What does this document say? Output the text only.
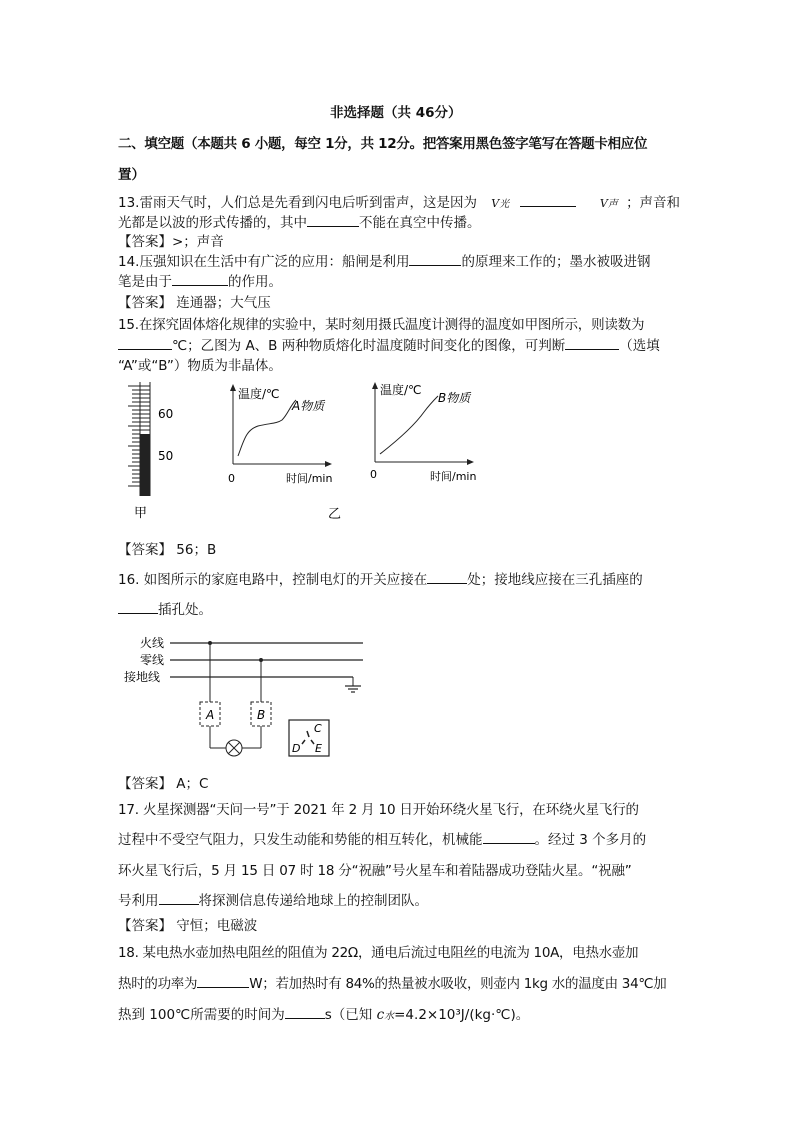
非选择题（共 46分）
二、填空题（本题共 6 小题，每空 1分，共 12分。把答案用黑色签字笔写在答题卡相应位
置）
13.雷雨天气时，人们总是先看到闪电后听到雷声，这是因为 V光	V声 ；声音和
光都是以波的形式传播的，其中	不能在真空中传播。
【答案】>；声音
14.压强知识在生活中有广泛的应用：船闸是利用	的原理来工作的；墨水被吸进钢
笔是由于	的作用。
【答案】 连通器；大气压
15.在探究固体熔化规律的实验中，某时刻用摄氏温度计测得的温度如甲图所示，则读数为
℃；乙图为 A、B 两种物质熔化时温度随时间变化的图像，可判断	（选填
“A”或“B”）物质为非晶体。
60
50
甲
温度/℃
A物质
0	时间/min
乙
温度/℃
B物质
0	时间/min
【答案】 56；B
16. 如图所示的家庭电路中，控制电灯的开关应接在	处；接地线应接在三孔插座的
插孔处。
火线
零线
接地线
A	B
C
D E
【答案】 A；C
17. 火星探测器“天问一号”于 2021 年 2 月 10 日开始环绕火星飞行，在环绕火星飞行的
过程中不受空气阻力，只发生动能和势能的相互转化，机械能	。经过 3 个多月的
环火星飞行后，5 月 15 日 07 时 18 分“祝融”号火星车和着陆器成功登陆火星。“祝融”
号利用	将探测信息传递给地球上的控制团队。
【答案】 守恒；电磁波
18. 某电热水壶加热电阻丝的阻值为 22Ω，通电后流过电阻丝的电流为 10A，电热水壶加
热时的功率为	W；若加热时有 84%的热量被水吸收，则壶内 1kg 水的温度由 34℃加
热到 100℃所需要的时间为	s（已知 c水=4.2×10³J/(kg·℃)。
